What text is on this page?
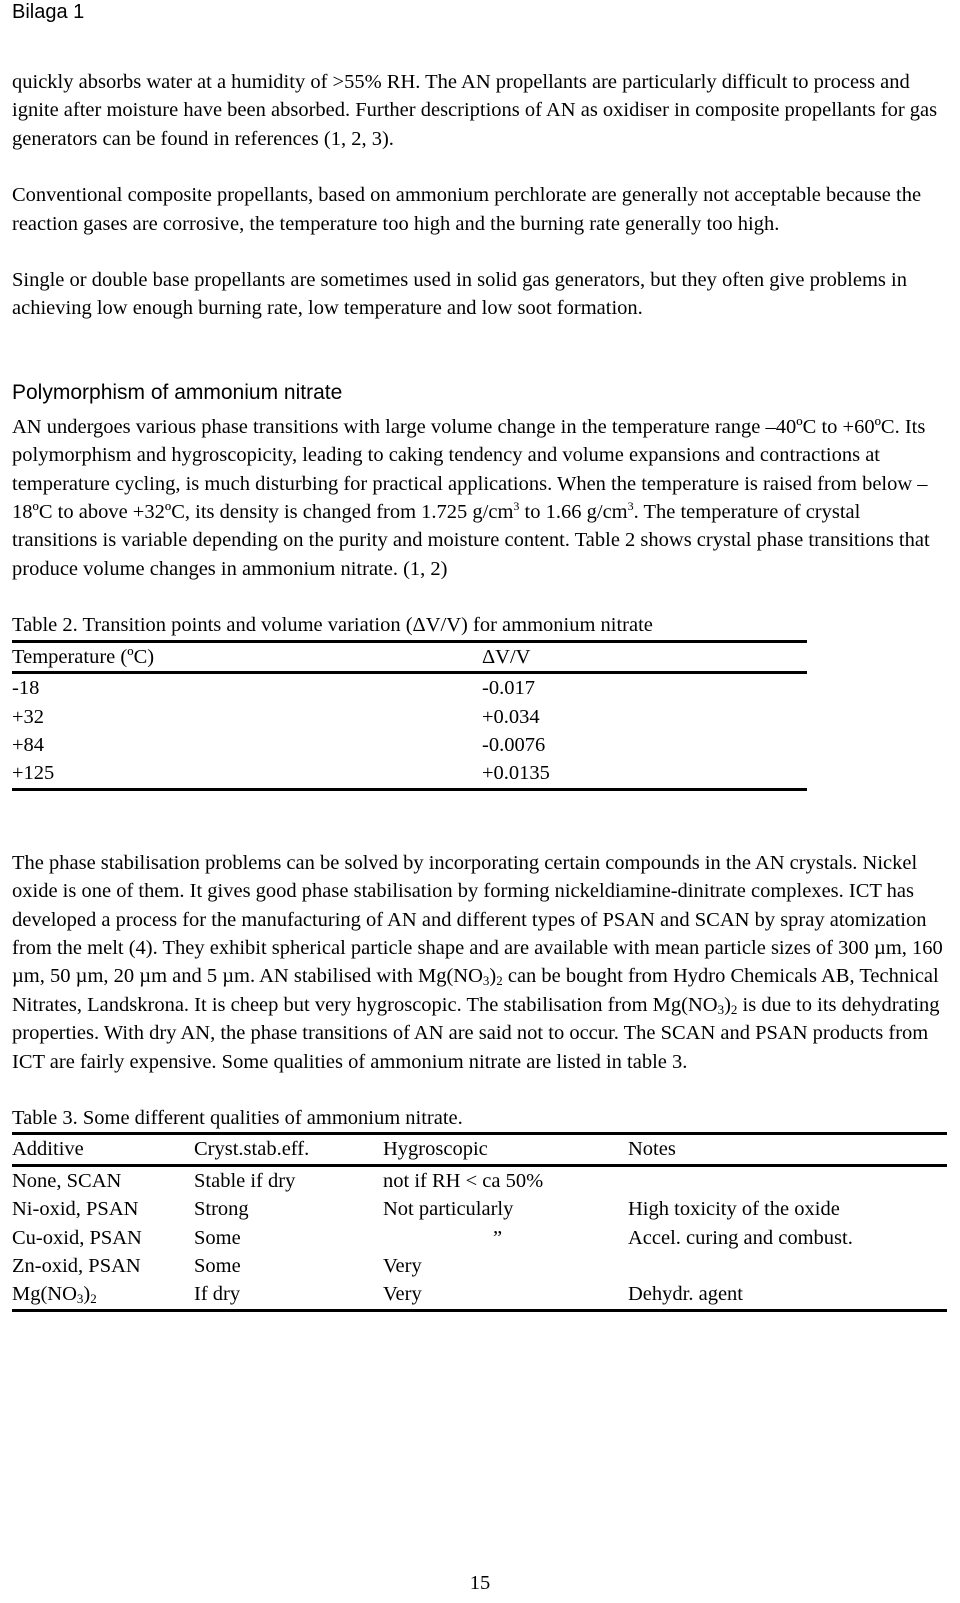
Bilaga 1

quickly absorbs water at a humidity of >55% RH. The AN propellants are particularly difficult to process and ignite after moisture have been absorbed. Further descriptions of AN as oxidiser in composite propellants for gas generators can be found in references (1, 2, 3).

Conventional composite propellants, based on ammonium perchlorate are generally not acceptable because the reaction gases are corrosive, the temperature too high and the burning rate generally too high.

Single or double base propellants are sometimes used in solid gas generators, but they often give problems in achieving low enough burning rate, low temperature and low soot formation.

Polymorphism of ammonium nitrate

AN undergoes various phase transitions with large volume change in the temperature range –40ºC to +60ºC. Its polymorphism and hygroscopicity, leading to caking tendency and volume expansions and contractions at temperature cycling, is much disturbing for practical applications. When the temperature is raised from below –18ºC to above +32ºC, its density is changed from 1.725 $g/cm^3$ to 1.66 $g/cm^3$. The temperature of crystal transitions is variable depending on the purity and moisture content. Table 2 shows crystal phase transitions that produce volume changes in ammonium nitrate. (1, 2)

Table 2. Transition points and volume variation (ΔV/V) for ammonium nitrate

Temperature (ºC)	ΔV/V
-18	-0.017
+32	+0.034
+84	-0.0076
+125	+0.0135

The phase stabilisation problems can be solved by incorporating certain compounds in the AN crystals. Nickel oxide is one of them. It gives good phase stabilisation by forming nickeldiamine-dinitrate complexes. ICT has developed a process for the manufacturing of AN and different types of PSAN and SCAN by spray atomization from the melt (4). They exhibit spherical particle shape and are available with mean particle sizes of 300 µm, 160 µm, 50 µm, 20 µm and 5 µm. AN stabilised with $Mg(NO_3)_2$ can be bought from Hydro Chemicals AB, Technical Nitrates, Landskrona. It is cheep but very hygroscopic. The stabilisation from $Mg(NO_3)_2$ is due to its dehydrating properties. With dry AN, the phase transitions of AN are said not to occur. The SCAN and PSAN products from ICT are fairly expensive. Some qualities of ammonium nitrate are listed in table 3.

Table 3. Some different qualities of ammonium nitrate.

Additive	Cryst.stab.eff.	Hygroscopic	Notes
None, SCAN	Stable if dry	not if RH < ca 50%	
Ni-oxid, PSAN	Strong	Not particularly	High toxicity of the oxide
Cu-oxid, PSAN	Some	”	Accel. curing and combust.
Zn-oxid, PSAN	Some	Very	
$Mg(NO_3)_2$	If dry	Very	Dehydr. agent
15
